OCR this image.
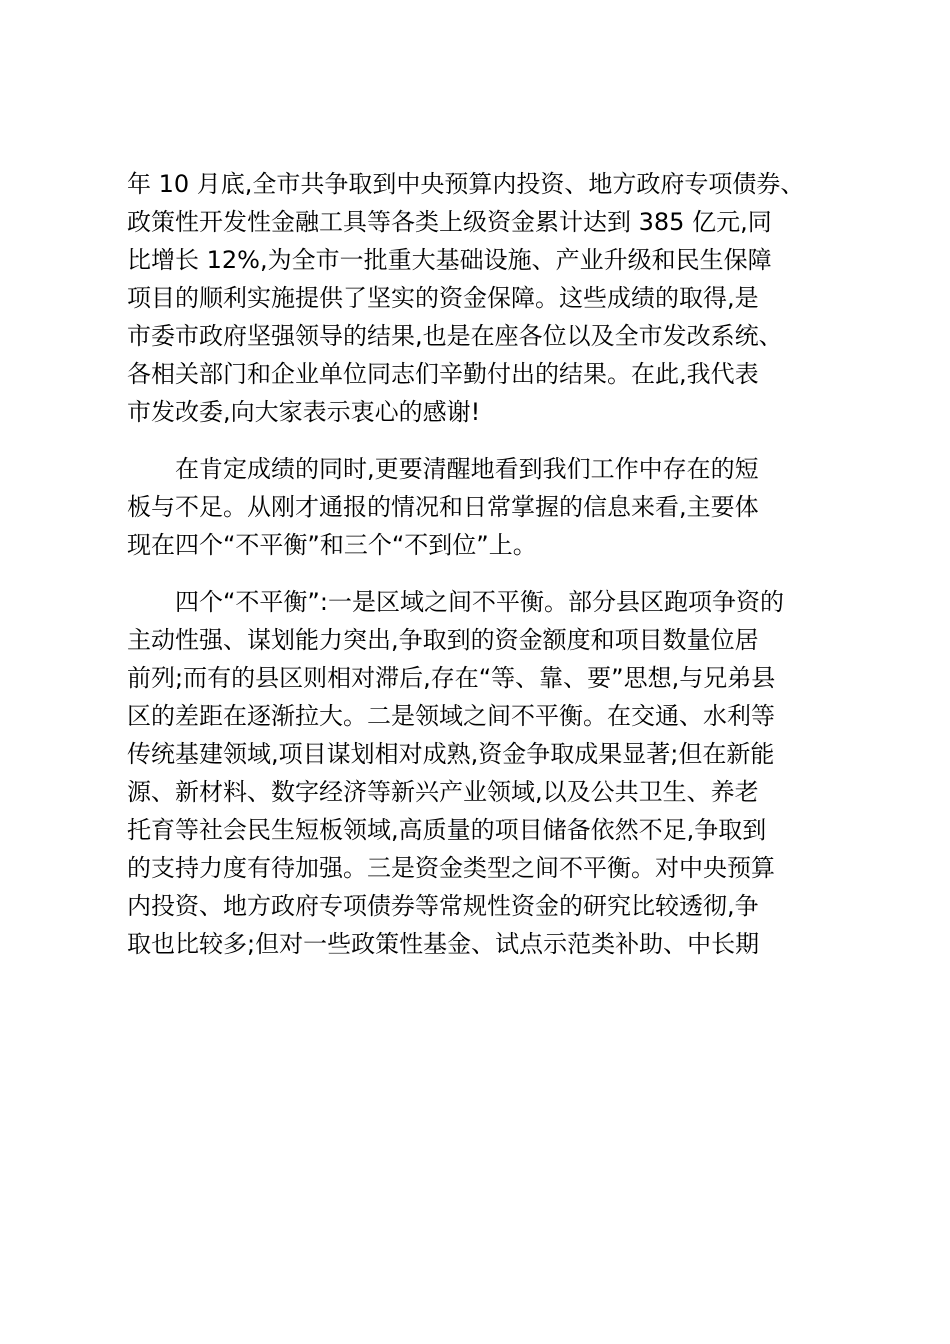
年 10 月底,全市共争取到中央预算内投资、地方政府专项债券、

政策性开发性金融工具等各类上级资金累计达到 385 亿元,同

比增长 12%,为全市一批重大基础设施、产业升级和民生保障

项目的顺利实施提供了坚实的资金保障。这些成绩的取得,是

市委市政府坚强领导的结果,也是在座各位以及全市发改系统、

各相关部门和企业单位同志们辛勤付出的结果。在此,我代表

市发改委,向大家表示衷心的感谢!

　　在肯定成绩的同时,更要清醒地看到我们工作中存在的短

板与不足。从刚才通报的情况和日常掌握的信息来看,主要体

现在四个“不平衡”和三个“不到位”上。

　　四个“不平衡”:一是区域之间不平衡。部分县区跑项争资的

主动性强、谋划能力突出,争取到的资金额度和项目数量位居

前列;而有的县区则相对滞后,存在“等、靠、要”思想,与兄弟县

区的差距在逐渐拉大。二是领域之间不平衡。在交通、水利等

传统基建领域,项目谋划相对成熟,资金争取成果显著;但在新能

源、新材料、数字经济等新兴产业领域,以及公共卫生、养老

托育等社会民生短板领域,高质量的项目储备依然不足,争取到

的支持力度有待加强。三是资金类型之间不平衡。对中央预算

内投资、地方政府专项债券等常规性资金的研究比较透彻,争

取也比较多;但对一些政策性基金、试点示范类补助、中长期
